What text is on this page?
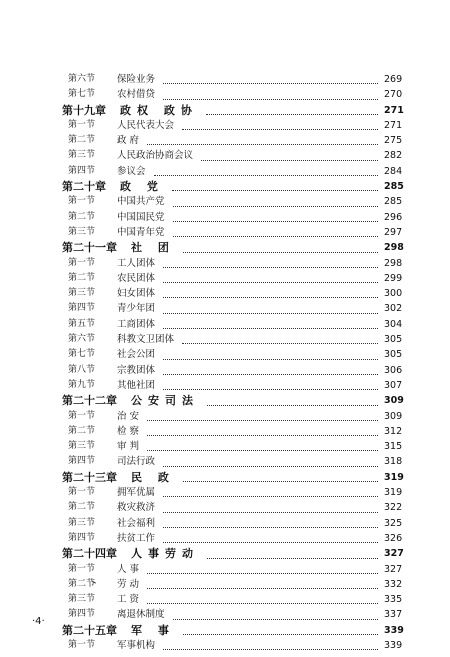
第六节 保险业务	269
第七节 农村借贷	270
第十九章 政权 政协	271
第一节 人民代表大会	271
第二节 政 府	275
第三节 人民政治协商会议	282
第四节 参议会	284
第二十章 政 党	285
第一节 中国共产党	285
第二节 中国国民党	296
第三节 中国青年党	297
第二十一章 社 团	298
第一节 工人团体	298
第二节 农民团体	299
第三节 妇女团体	300
第四节 青少年团	302
第五节 工商团体	304
第六节 科教文卫团体	305
第七节 社会公团	305
第八节 宗教团体	306
第九节 其他社团	307
第二十二章 公安司法	309
第一节 治 安	309
第二节 检 察	312
第三节 审 判	315
第四节 司法行政	318
第二十三章 民 政	319
第一节 拥军优属	319
第二节 救灾救济	322
第三节 社会福利	325
第四节 扶贫工作	326
第二十四章 人事劳动	327
第一节 人 事	327
第二节 劳 动	332
第三节 工 资	335
第四节 离退休制度	337
第二十五章 军 事	339
第一节 军事机构	339
·4·
